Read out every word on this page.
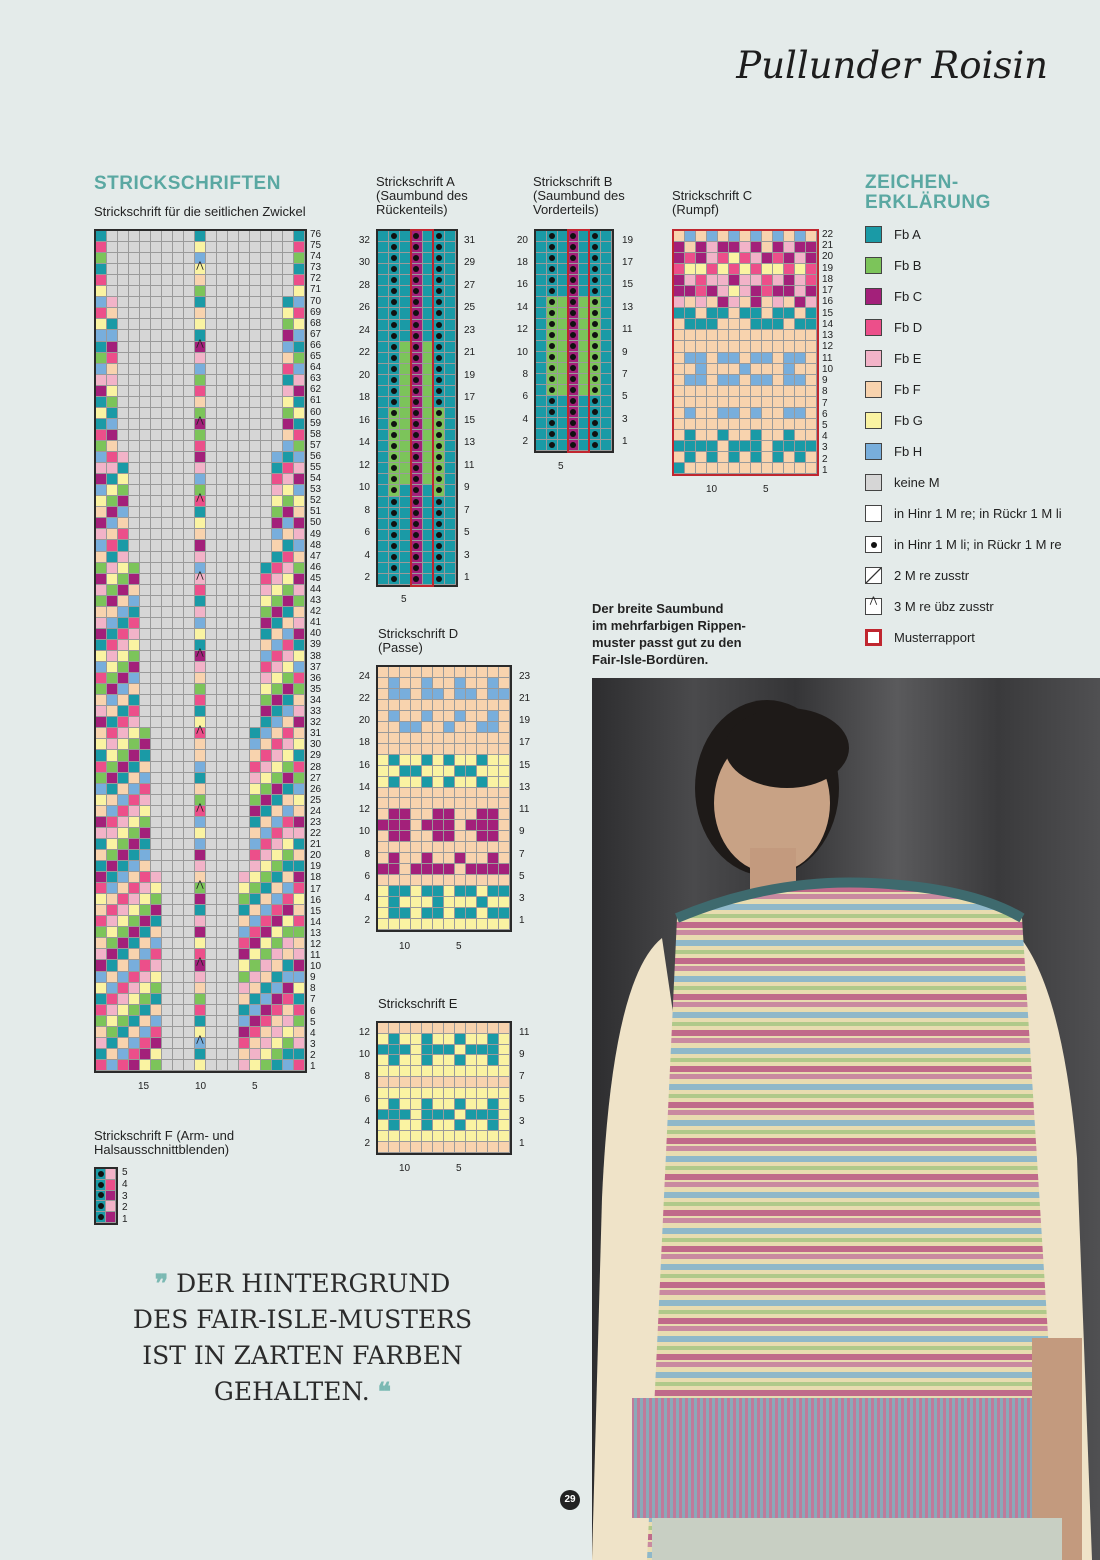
Pullunder Roisin
STRICKSCHRIFTEN
Strickschrift für die seitlichen Zwickel
⋀
⋀
⋀
⋀
⋀
⋀
⋀
⋀
⋀
⋀
⋀
76
75
74
73
72
71
70
69
68
67
66
65
64
63
62
61
60
59
58
57
56
55
54
53
52
51
50
49
48
47
46
45
44
43
42
41
40
39
38
37
36
35
34
33
32
31
30
29
28
27
26
25
24
23
22
21
20
19
18
17
16
15
14
13
12
11
10
9
8
7
6
5
4
3
2
1
15	10	5
Strickschrift A
(Saumbund des
Rückenteils)
32
30
28
26
24
22
20
18
16
14
12
10
8
6
4
2
31
29
27
25
23
21
19
17
15
13
11
9
7
5
3
1
5
Strickschrift B
(Saumbund des
Vorderteils)
20
18
16
14
12
10
8
6
4
2
19
17
15
13
11
9
7
5
3
1
5
Strickschrift C
(Rumpf)
22
21
20
19
18
17
16
15
14
13
12
11
10
9
8
7
6
5
4
3
2
1
10	5
ZEICHEN-
ERKLÄRUNG
Fb A
Fb B
Fb C
Fb D
Fb E
Fb F
Fb G
Fb H
keine M
in Hinr 1 M re; in Rückr 1 M li
in Hinr 1 M li; in Rückr 1 M re
2 M re zusstr
⋀
3 M re übz zusstr
Musterrapport
Strickschrift D
(Passe)
24
22
20
18
16
14
12
10
8
6
4
2
23
21
19
17
15
13
11
9
7
5
3
1
10	5
Strickschrift E
12
10
8
6
4
2
11
9
7
5
3
1
10	5
Strickschrift F (Arm- und
Halsausschnittblenden)
5
4
3
2
1
Der breite Saumbund
im mehrfarbigen Rippen-
muster passt gut zu den
Fair-Isle-Bordüren.
❞ DER HINTERGRUND
DES FAIR-ISLE-MUSTERS
IST IN ZARTEN FARBEN
GEHALTEN. ❝
29
